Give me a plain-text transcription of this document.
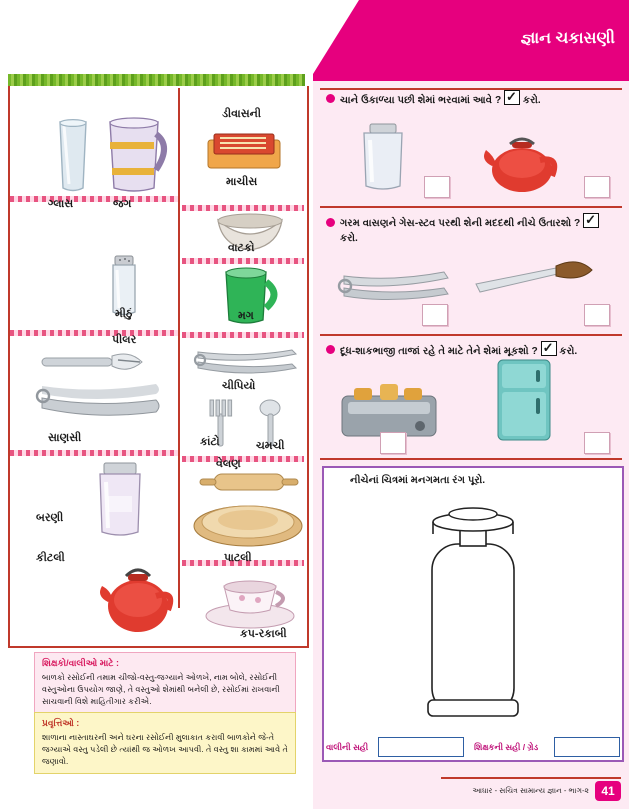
ગ્લાસ	જગ
મીઠું
પીલર
સાણસી
બરણી
કીટલી
ડીવાસની
માચીસ
વાટકો
મગ
ચીપિયો
કાંટો	ચમચી
વેલણ
પાટલી
કપ-રકાબી
શિક્ષકો/વાલીઓ માટે :
બાળકો રસોઈની તમામ ચીજો-વસ્તુ-જગ્યાને ઓળખે, નામ બોલે, રસોઈની વસ્તુઓના ઉપયોગ જાણે, તે વસ્તુઓ શેમાંથી બનેલી છે, રસોઈમાં રાખવાની સાચવાની વિશે માહિતીગાર કરીએ.
પ્રવૃત્તિઓ :
શાળાના નાસ્તાઘરની અને ઘરના રસોઈની મુલાકાત કરાવી બાળકોને જે-તે જગ્યાએ વસ્તુ પડેલી છે ત્યાંથી જ ઓળખ આપવી. તે વસ્તુ શા કામમાં આવે તે જણાવો.
જ્ઞાન ચકાસણી
ચાને ઉકાળ્યા પછી શેમાં ભરવામાં આવે ? ✓ કરો.
ગરમ વાસણને ગેસ-સ્ટવ પરથી શેની મદદથી નીચે ઉતારશો ? ✓ કરો.
દૂધ-શાકભાજી તાજાં રહે તે માટે તેને શેમાં મૂકશો ? ✓ કરો.
નીચેનાં ચિત્રમાં મનગમતા રંગ પૂરો.
વાલીની સહી	શિક્ષકની સહી / ગ્રેડ
આધાર - સચિત્ર સામાન્ય જ્ઞાન - ભાગ-૨	41
